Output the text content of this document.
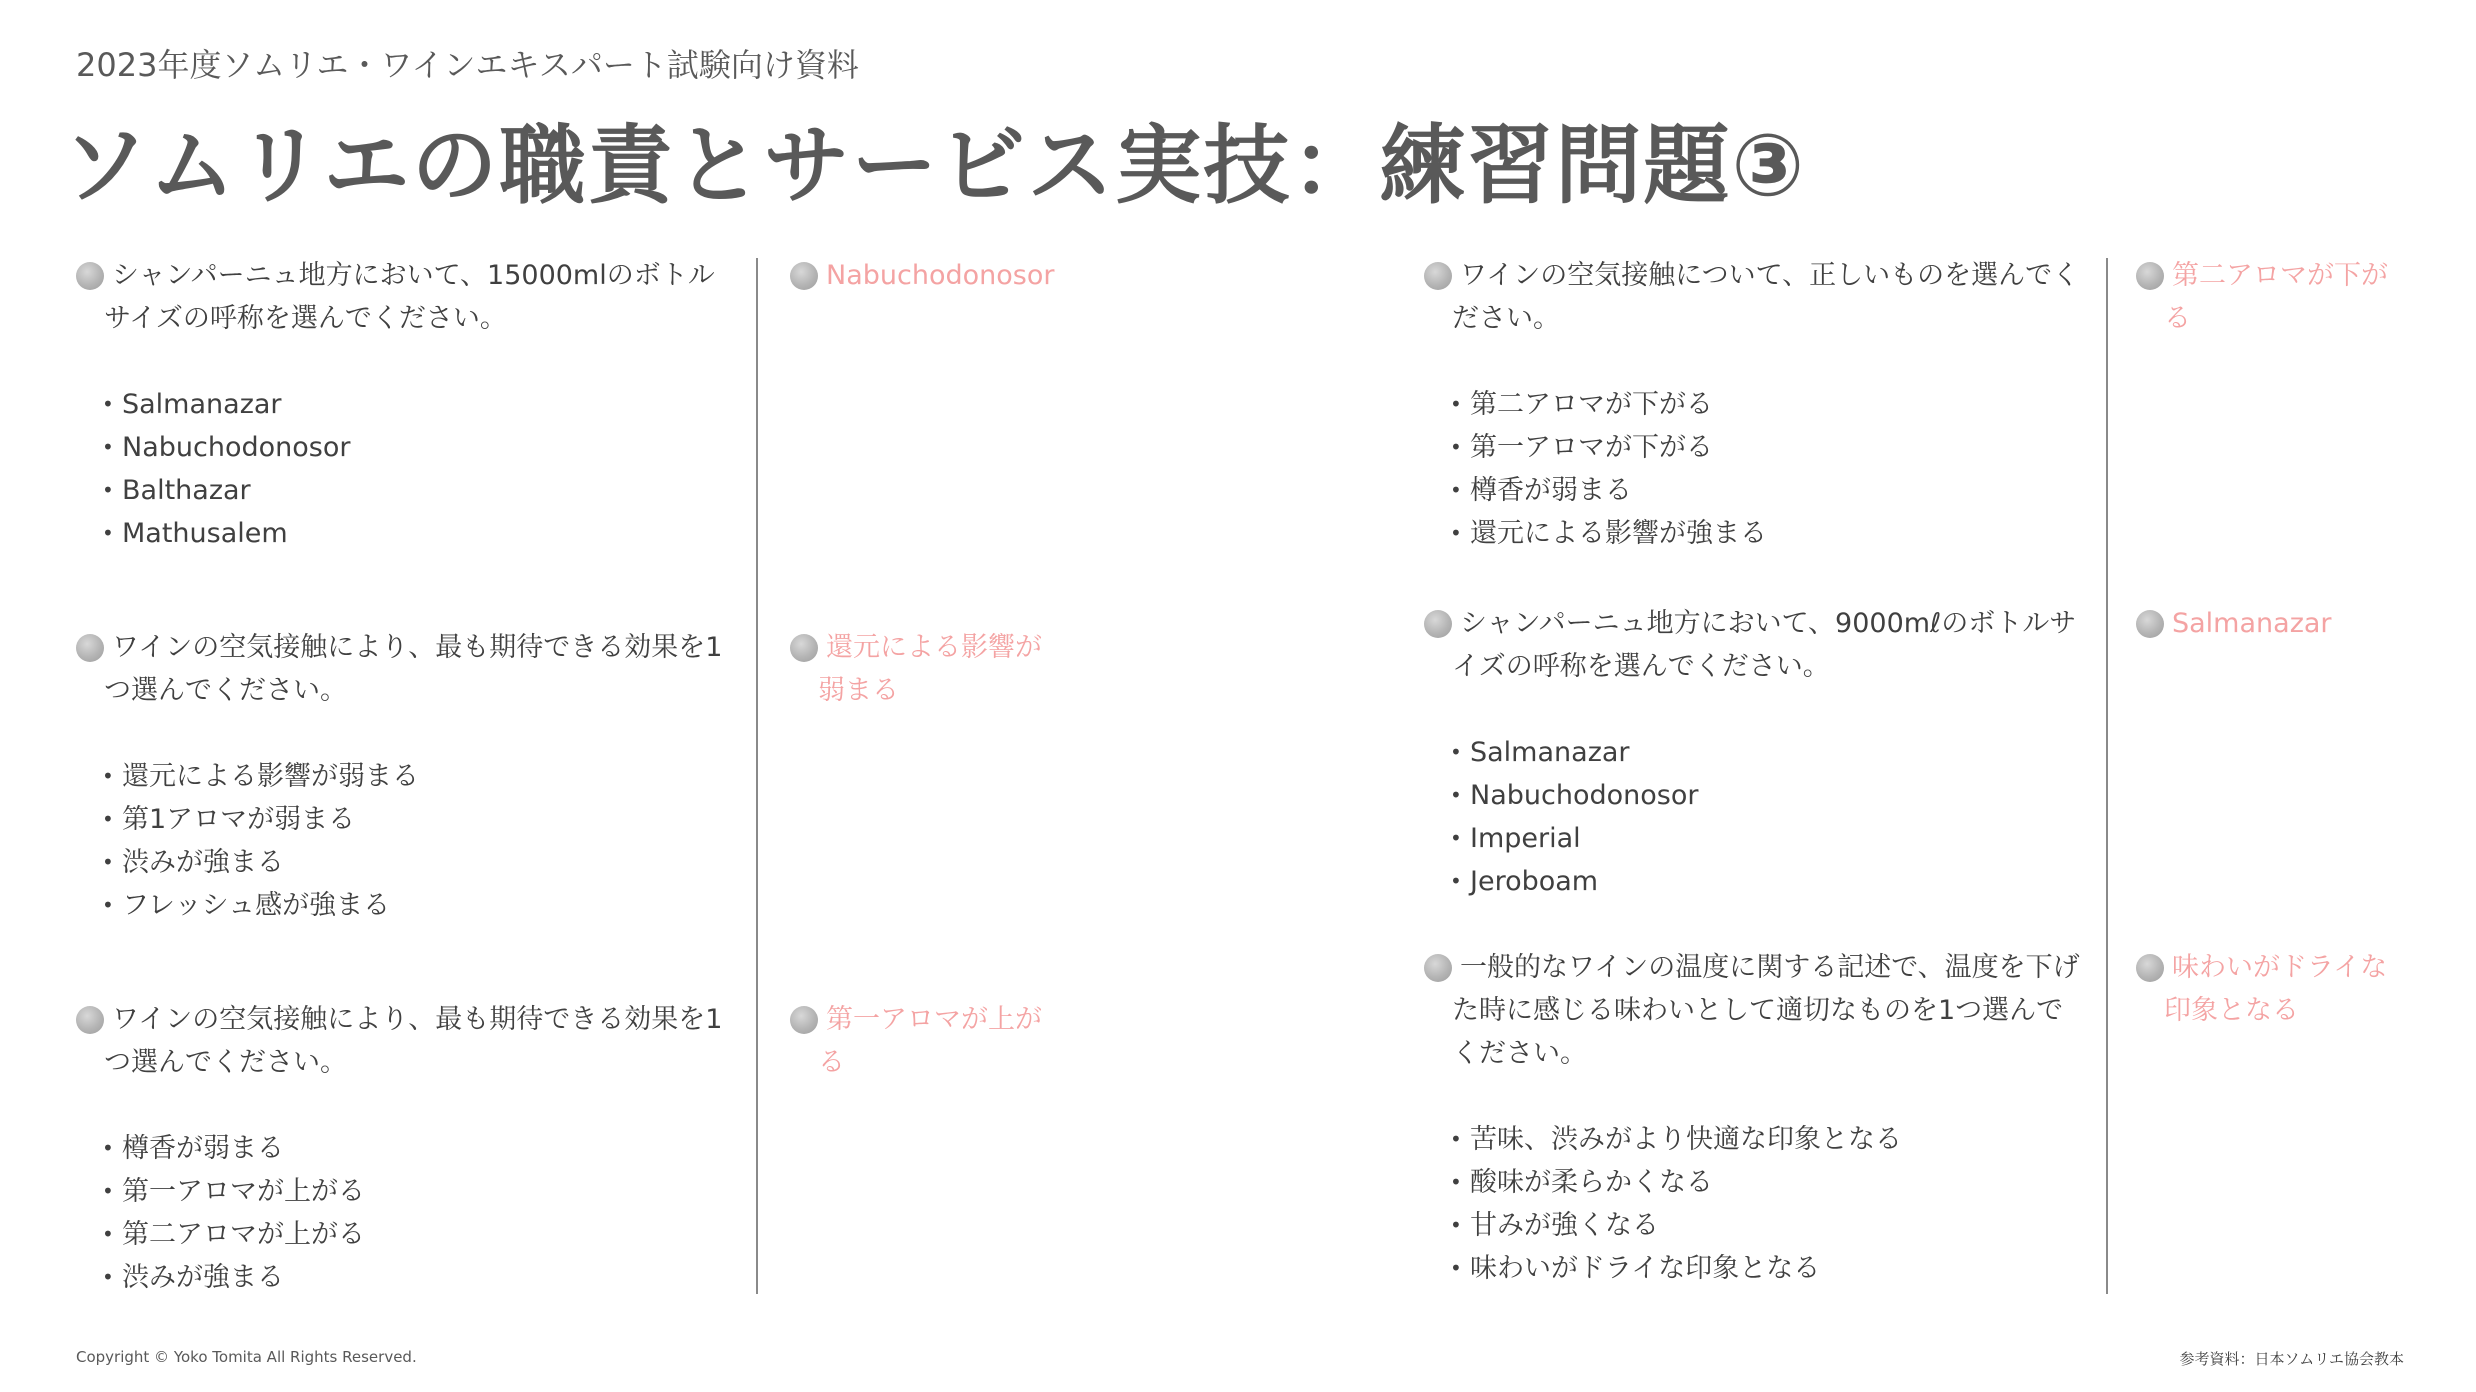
2023年度ソムリエ・ワインエキスパート試験向け資料
ソムリエの職責とサービス実技：練習問題③
シャンパーニュ地方において、15000mlのボトルサイズの呼称を選んでください。
• Salmanazar
• Nabuchodonosor
• Balthazar
• Mathusalem
Nabuchodonosor
ワインの空気接触により、最も期待できる効果を1つ選んでください。
• 還元による影響が弱まる
• 第1アロマが弱まる
• 渋みが強まる
• フレッシュ感が強まる
還元による影響が弱まる
ワインの空気接触により、最も期待できる効果を1つ選んでください。
• 樽香が弱まる
• 第一アロマが上がる
• 第二アロマが上がる
• 渋みが強まる
第一アロマが上がる
ワインの空気接触について、正しいものを選んでください。
• 第二アロマが下がる
• 第一アロマが下がる
• 樽香が弱まる
• 還元による影響が強まる
第二アロマが下がる
シャンパーニュ地方において、9000mℓのボトルサイズの呼称を選んでください。
• Salmanazar
• Nabuchodonosor
• Imperial
• Jeroboam
Salmanazar
一般的なワインの温度に関する記述で、温度を下げた時に感じる味わいとして適切なものを1つ選んでください。
• 苦味、渋みがより快適な印象となる
• 酸味が柔らかくなる
• 甘みが強くなる
• 味わいがドライな印象となる
味わいがドライな印象となる
Copyright © Yoko Tomita All Rights Reserved.	参考資料：日本ソムリエ協会教本
